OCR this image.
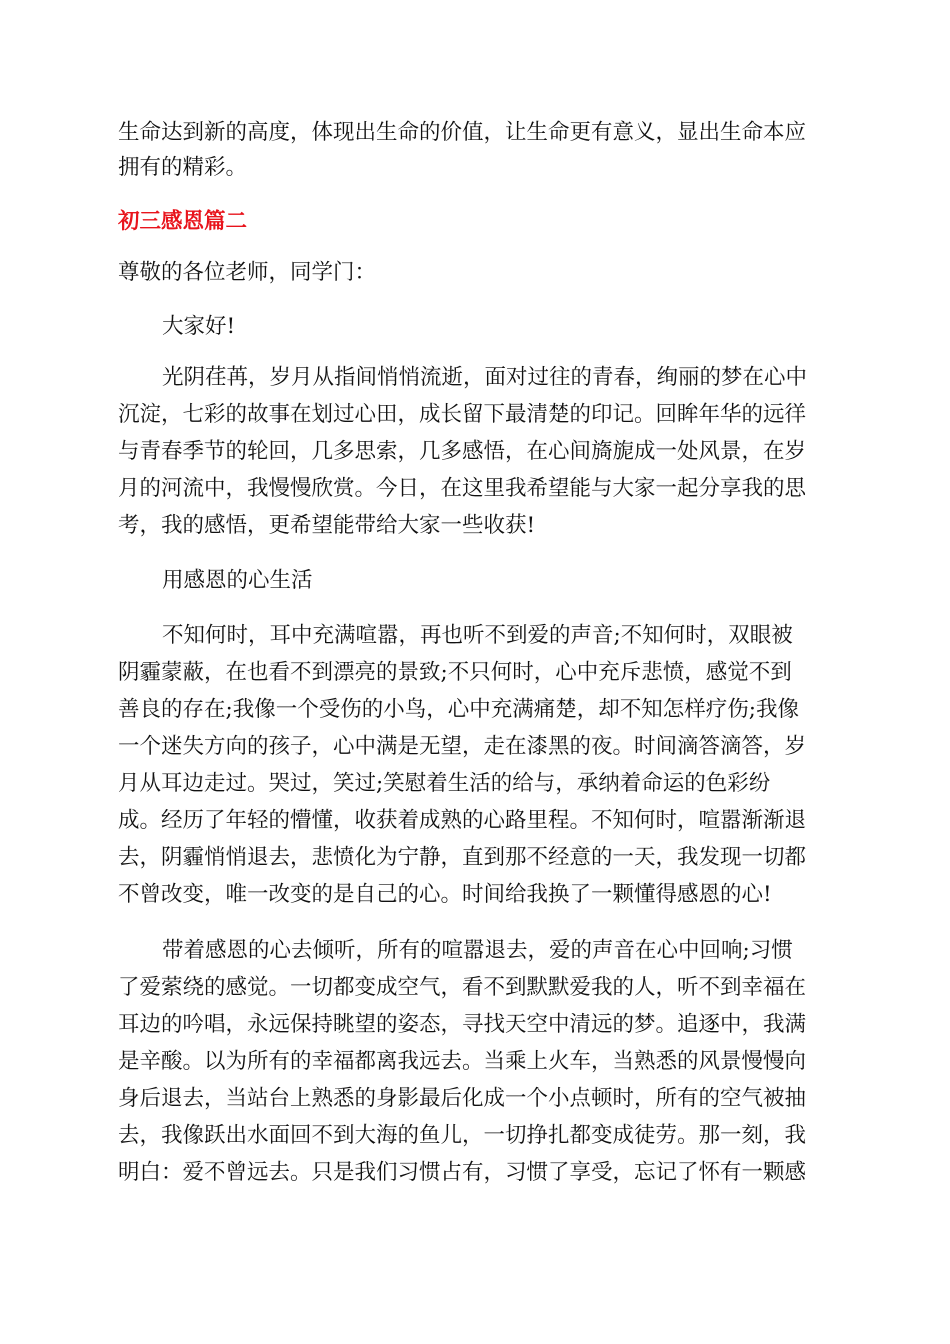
生命达到新的高度，体现出生命的价值，让生命更有意义，显出生命本应
拥有的精彩。
初三感恩篇二
尊敬的各位老师，同学门：
大家好!
光阴荏苒，岁月从指间悄悄流逝，面对过往的青春，绚丽的梦在心中
沉淀，七彩的故事在划过心田，成长留下最清楚的印记。回眸年华的远徉
与青春季节的轮回，几多思索，几多感悟，在心间旖旎成一处风景，在岁
月的河流中，我慢慢欣赏。今日，在这里我希望能与大家一起分享我的思
考，我的感悟，更希望能带给大家一些收获!
用感恩的心生活
不知何时，耳中充满喧嚣，再也听不到爱的声音;不知何时，双眼被
阴霾蒙蔽，在也看不到漂亮的景致;不只何时，心中充斥悲愤，感觉不到
善良的存在;我像一个受伤的小鸟，心中充满痛楚，却不知怎样疗伤;我像
一个迷失方向的孩子，心中满是无望，走在漆黑的夜。时间滴答滴答，岁
月从耳边走过。哭过，笑过;笑慰着生活的给与，承纳着命运的色彩纷
成。经历了年轻的懵懂，收获着成熟的心路里程。不知何时，喧嚣渐渐退
去，阴霾悄悄退去，悲愤化为宁静，直到那不经意的一天，我发现一切都
不曾改变，唯一改变的是自己的心。时间给我换了一颗懂得感恩的心!
带着感恩的心去倾听，所有的喧嚣退去，爱的声音在心中回响;习惯
了爱萦绕的感觉。一切都变成空气，看不到默默爱我的人，听不到幸福在
耳边的吟唱，永远保持眺望的姿态，寻找天空中清远的梦。追逐中，我满
是辛酸。以为所有的幸福都离我远去。当乘上火车，当熟悉的风景慢慢向
身后退去，当站台上熟悉的身影最后化成一个小点顿时，所有的空气被抽
去，我像跃出水面回不到大海的鱼儿，一切挣扎都变成徒劳。那一刻，我
明白：爱不曾远去。只是我们习惯占有，习惯了享受，忘记了怀有一颗感
